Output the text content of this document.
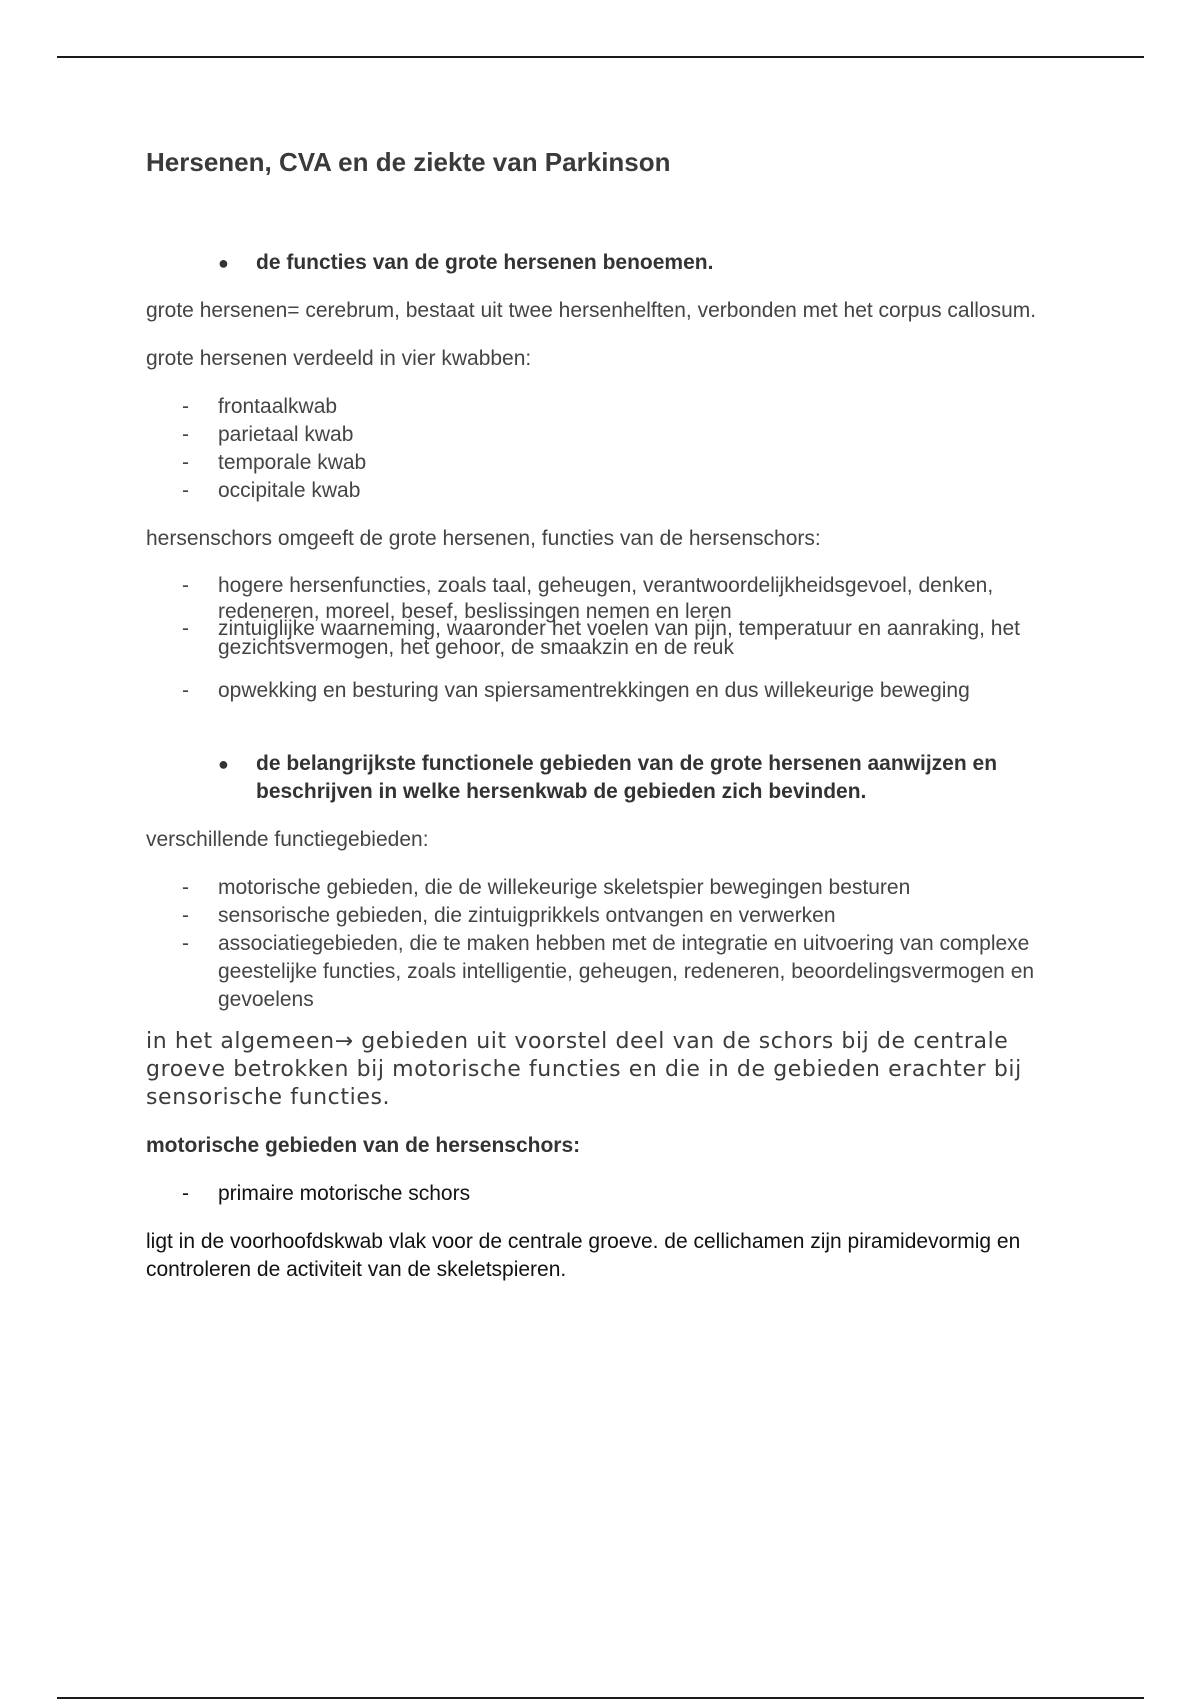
Hersenen, CVA en de ziekte van Parkinson
● de functies van de grote hersenen benoemen.

grote hersenen= cerebrum, bestaat uit twee hersenhelften, verbonden met het corpus callosum.

grote hersenen verdeeld in vier kwabben:

- frontaalkwab
- parietaal kwab
- temporale kwab
- occipitale kwab

hersenschors omgeeft de grote hersenen, functies van de hersenschors:

- hogere hersenfuncties, zoals taal, geheugen, verantwoordelijkheidsgevoel, denken, redeneren, moreel, besef, beslissingen nemen en leren
- zintuiglijke waarneming, waaronder het voelen van pijn, temperatuur en aanraking, het gezichtsvermogen, het gehoor, de smaakzin en de reuk
- opwekking en besturing van spiersamentrekkingen en dus willekeurige beweging
● de belangrijkste functionele gebieden van de grote hersenen aanwijzen en beschrijven in welke hersenkwab de gebieden zich bevinden.

verschillende functiegebieden:

- motorische gebieden, die de willekeurige skeletspier bewegingen besturen
- sensorische gebieden, die zintuigprikkels ontvangen en verwerken
- associatiegebieden, die te maken hebben met de integratie en uitvoering van complexe geestelijke functies, zoals intelligentie, geheugen, redeneren, beoordelingsvermogen en gevoelens

in het algemeen→ gebieden uit voorstel deel van de schors bij de centrale groeve betrokken bij motorische functies en die in de gebieden erachter bij sensorische functies.

motorische gebieden van de hersenschors:

- primaire motorische schors

ligt in de voorhoofdskwab vlak voor de centrale groeve. de cellichamen zijn piramidevormig en controleren de activiteit van de skeletspieren.
